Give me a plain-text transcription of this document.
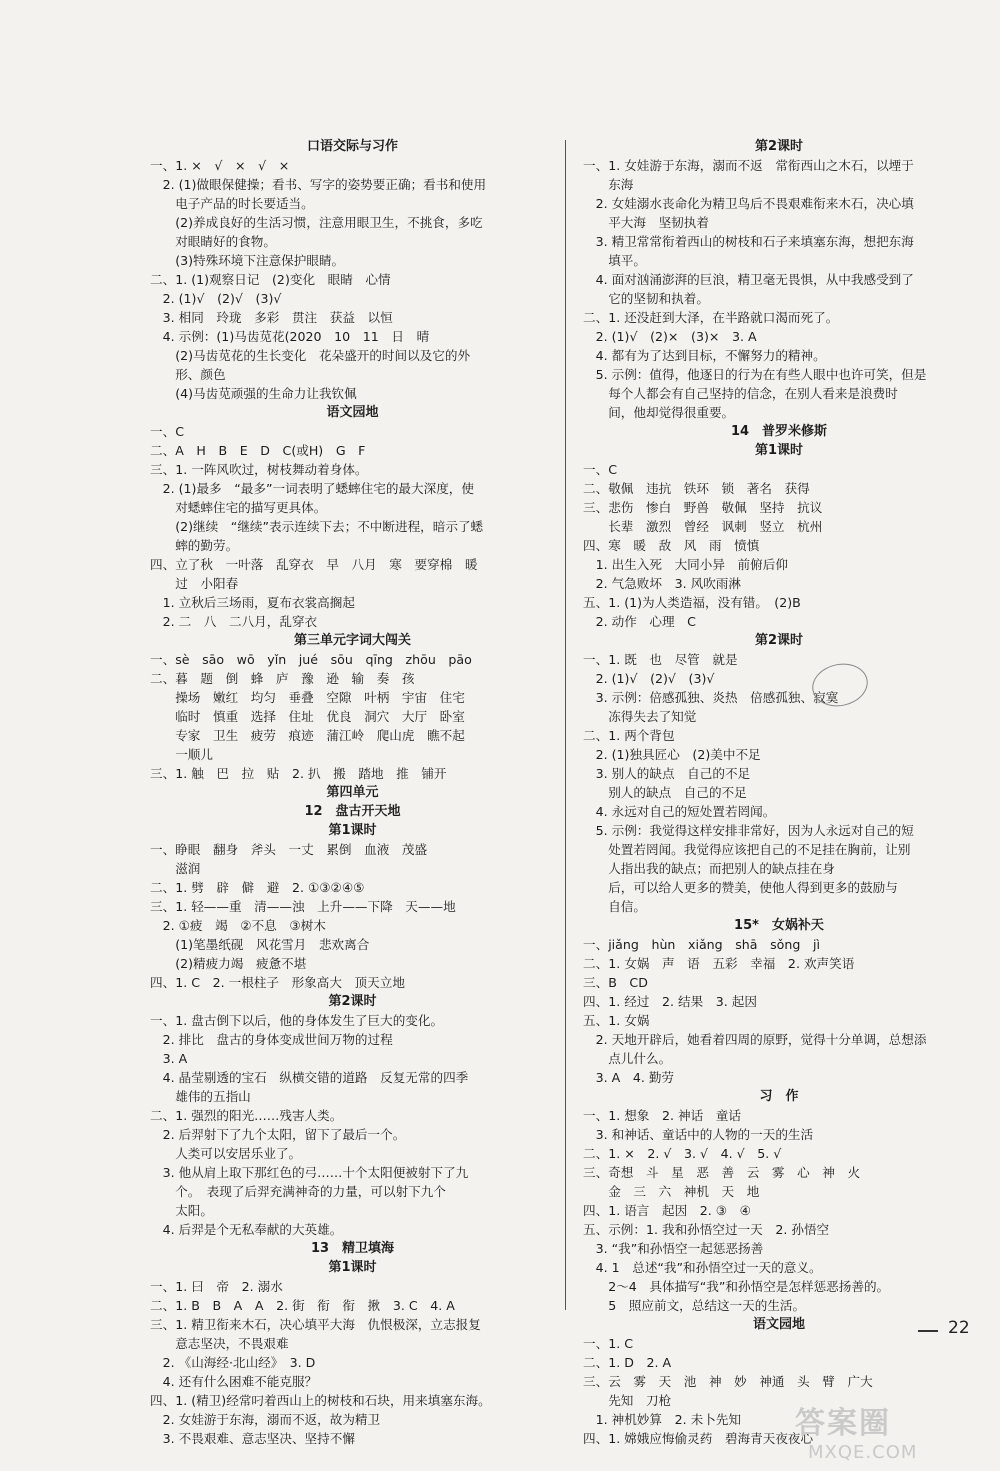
口语交际与习作
一、1. ×　√　×　√　×
　2. (1)做眼保健操；看书、写字的姿势要正确；看书和使用
　　电子产品的时长要适当。
　　(2)养成良好的生活习惯，注意用眼卫生，不挑食，多吃
　　对眼睛好的食物。
　　(3)特殊环境下注意保护眼睛。
二、1. (1)观察日记　(2)变化　眼睛　心情
　2. (1)√　(2)√　(3)√
　3. 相同　玲珑　多彩　贯注　获益　以恒
　4. 示例：(1)马齿苋花(2020　10　11　日　晴
　　(2)马齿苋花的生长变化　花朵盛开的时间以及它的外
　　形、颜色
　　(4)马齿苋顽强的生命力让我钦佩
语文园地
一、C
二、A　H　B　E　D　C(或H)　G　F
三、1. 一阵风吹过，树枝舞动着身体。
　2. (1)最多　“最多”一词表明了蟋蟀住宅的最大深度，使
　　对蟋蟀住宅的描写更具体。
　　(2)继续　“继续”表示连续下去；不中断进程，暗示了蟋
　　蟀的勤劳。
四、立了秋　一叶落　乱穿衣　早　八月　寒　要穿棉　暖
　　过　小阳春
　1. 立秋后三场雨，夏布衣裳高搁起
　2. 二　八　二八月，乱穿衣
第三单元字词大闯关
一、sè　sāo　wō　yǐn　jué　sōu　qīng　zhōu　pāo
二、暮　题　倒　蜂　庐　豫　逊　输　奏　孩
　　操场　嫩红　均匀　垂叠　空隙　叶柄　宇宙　住宅
　　临时　慎重　选择　住址　优良　洞穴　大厅　卧室
　　专家　卫生　疲劳　痕迹　蒲江岭　爬山虎　瞧不起
　　一顺儿
三、1. 触　巴　拉　贴　2. 扒　搬　踏地　推　铺开
第四单元
12　盘古开天地
第1课时
一、睁眼　翻身　斧头　一丈　累倒　血液　茂盛
　　滋润
二、1. 劈　辟　僻　避　2. ①③②④⑤
三、1. 轻——重　清——浊　上升——下降　天——地
　2. ①疲　竭　②不息　③树木
　　(1)笔墨纸砚　风花雪月　悲欢离合
　　(2)精疲力竭　疲惫不堪
四、1. C　2. 一根柱子　形象高大　顶天立地
第2课时
一、1. 盘古倒下以后，他的身体发生了巨大的变化。
　2. 排比　盘古的身体变成世间万物的过程
　3. A
　4. 晶莹剔透的宝石　纵横交错的道路　反复无常的四季
　　雄伟的五指山
二、1. 强烈的阳光……残害人类。
　2. 后羿射下了九个太阳，留下了最后一个。
　　人类可以安居乐业了。
　3. 他从肩上取下那红色的弓……十个太阳便被射下了九
　　个。　表现了后羿充满神奇的力量，可以射下九个
　　太阳。
　4. 后羿是个无私奉献的大英雄。
13　精卫填海
第1课时
一、1. 曰　帝　2. 溺水
二、1. B　B　A　A　2. 街　衔　衔　揪　3. C　4. A
三、1. 精卫衔来木石，决心填平大海　仇恨极深，立志报复
　　意志坚决，不畏艰难
　2. 《山海经·北山经》　3. D
　4. 还有什么困难不能克服？
四、1. (精卫)经常叼着西山上的树枝和石块，用来填塞东海。
　2. 女娃游于东海，溺而不返，故为精卫
　3. 不畏艰难、意志坚决、坚持不懈
第2课时
一、1. 女娃游于东海，溺而不返　常衔西山之木石，以堙于
　　东海
　2. 女娃溺水丧命化为精卫鸟后不畏艰难衔来木石，决心填
　　平大海　坚韧执着
　3. 精卫常常衔着西山的树枝和石子来填塞东海，想把东海
　　填平。
　4. 面对汹涌澎湃的巨浪，精卫毫无畏惧，从中我感受到了
　　它的坚韧和执着。
二、1. 还没赶到大泽，在半路就口渴而死了。
　2. (1)√　(2)×　(3)×　3. A
　4. 都有为了达到目标，不懈努力的精神。
　5. 示例：值得，他逐日的行为在有些人眼中也许可笑，但是
　　每个人都会有自己坚持的信念，在别人看来是浪费时
　　间，他却觉得很重要。
14　普罗米修斯
第1课时
一、C
二、敬佩　违抗　铁环　锁　著名　获得
三、悲伤　惨白　野兽　敬佩　坚持　抗议
　　长辈　激烈　曾经　讽刺　竖立　杭州
四、寒　暖　敌　风　雨　愤慎
　1. 出生入死　大同小异　前俯后仰
　2. 气急败坏　3. 风吹雨淋
五、1. (1)为人类造福，没有错。　(2)B
　2. 动作　心理　C
第2课时
一、1. 既　也　尽管　就是
　2. (1)√　(2)√　(3)√
　3. 示例：倍感孤独、炎热　倍感孤独、寂寞
　　冻得失去了知觉
二、1. 两个背包
　2. (1)独具匠心　(2)美中不足
　3. 别人的缺点　自己的不足
　　别人的缺点　自己的不足
　4. 永远对自己的短处置若罔闻。
　5. 示例：我觉得这样安排非常好，因为人永远对自己的短
　　处置若罔闻。我觉得应该把自己的不足挂在胸前，让别
　　人指出我的缺点；而把别人的缺点挂在身
　　后，可以给人更多的赞美，使他人得到更多的鼓励与
　　自信。
15*　女娲补天
一、jiǎng　hùn　xiǎng　shā　sǒng　jì
二、1. 女娲　声　语　五彩　幸福　2. 欢声笑语
三、B　CD
四、1. 经过　2. 结果　3. 起因
五、1. 女娲
　2. 天地开辟后，她看着四周的原野，觉得十分单调，总想添
　　点儿什么。
　3. A　4. 勤劳
习　作
一、1. 想象　2. 神话　童话
　3. 和神话、童话中的人物的一天的生活
二、1. ×　2. √　3. √　4. √　5. √
三、奇想　斗　星　恶　善　云　雾　心　神　火
　　金　三　六　神机　天　地
四、1. 语言　起因　2. ③　④
五、示例：1. 我和孙悟空过一天　2. 孙悟空
　3. “我”和孙悟空一起惩恶扬善
　4. 1　总述“我”和孙悟空过一天的意义。
　　2～4　具体描写“我”和孙悟空是怎样惩恶扬善的。
　　5　照应前文，总结这一天的生活。
语文园地
一、1. C
二、1. D　2. A
三、云　雾　天　池　神　妙　神通　头　臂　广大
　　先知　刀枪
　1. 神机妙算　2. 未卜先知
四、1. 嫦娥应悔偷灵药　碧海青天夜夜心
22
答案圈
MXQE.COM
